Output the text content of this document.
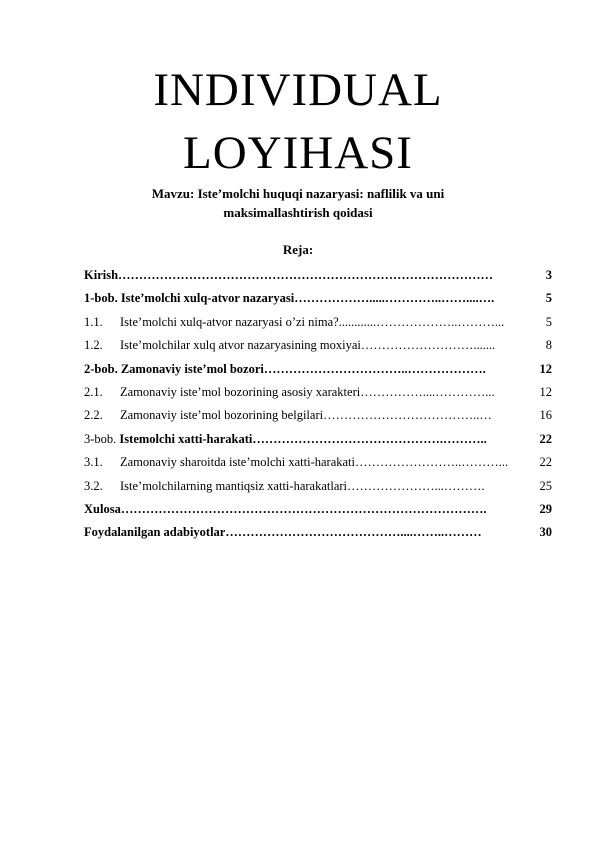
INDIVIDUAL
LOYIHASI
Mavzu: Iste’molchi huquqi nazaryasi: naflilik va uni
maksimallashtirish qoidasi
Reja:
Kirish………………………………………………………………………………	3
1-bob. Iste’molchi xulq-atvor nazaryasi……………….....…………..……....….	5
1.1. Iste’molchi xulq-atvor nazaryasi o’zi nima?............………………..………...	5
1.2. Iste’molchilar xulq atvor nazaryasining moxiyai……………………….......	8
2-bob. Zamonaviy iste’mol bozori……………………………..……………….	12
2.1. Zamonaviy iste’mol bozorining asosiy xarakteri……………....…………...	12
2.2. Zamonaviy iste’mol bozorining belgilari………………………………..…	16
3-bob. Istemolchi xatti-harakati……………………………………….………..	22
3.1. Zamonaviy sharoitda iste’molchi xatti-harakati……………………..………...	22
3.2. Iste’molchilarning mantiqsiz xatti-harakatlari…………………...……….	25
Xulosa…………………………………………………………………………….	29
Foydalanilgan adabiyotlar……………………………………....……..………	30
